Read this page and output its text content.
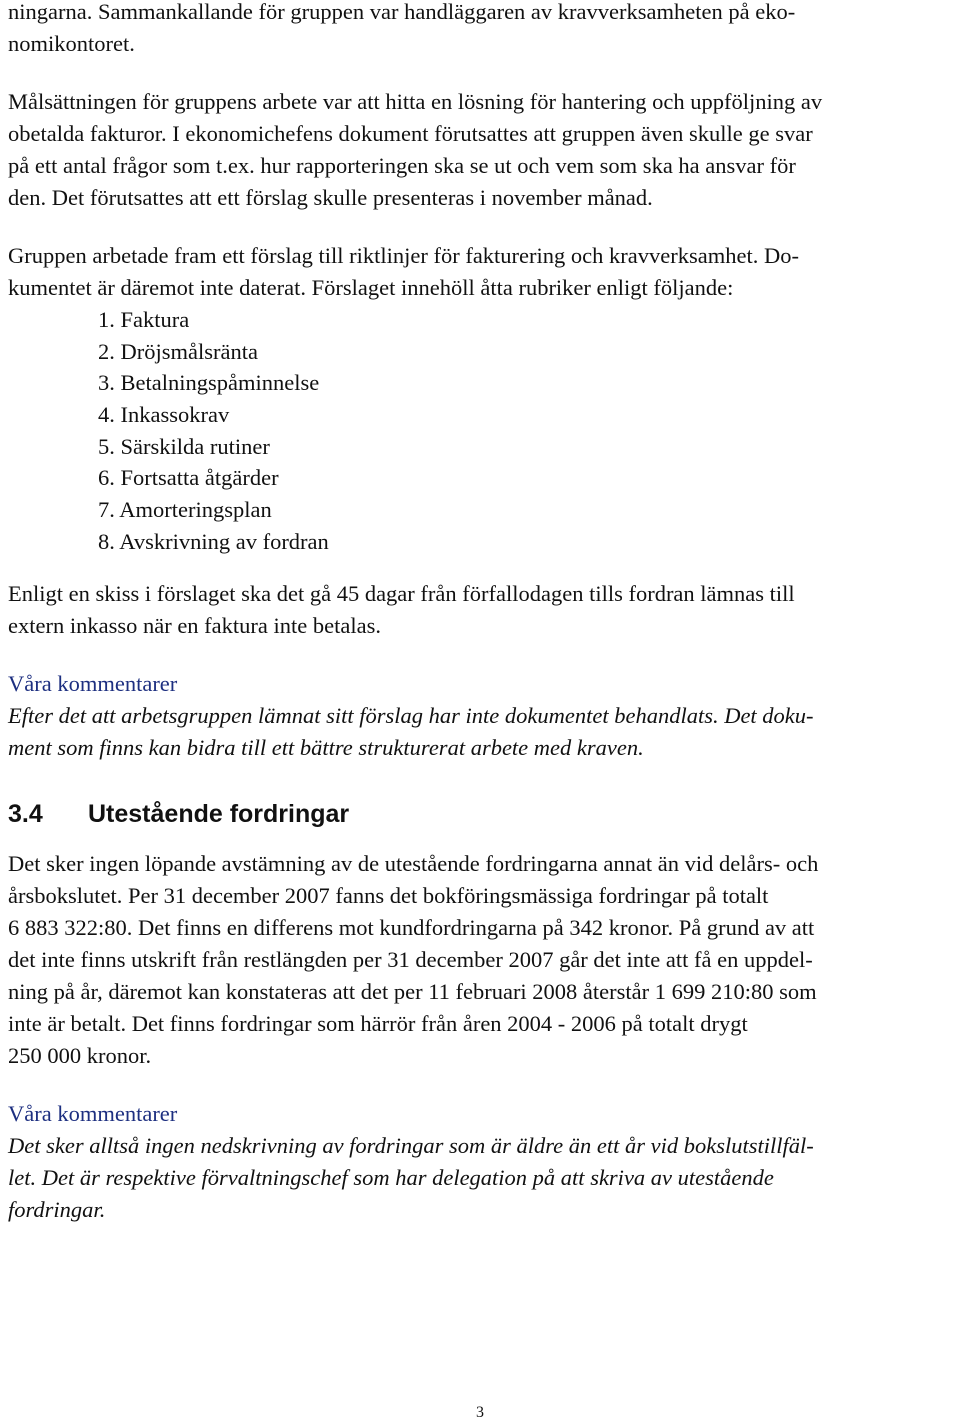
ningarna. Sammankallande för gruppen var handläggaren av kravverksamheten på eko-
nomikontoret.
Målsättningen för gruppens arbete var att hitta en lösning för hantering och uppföljning av
obetalda fakturor. I ekonomichefens dokument förutsattes att gruppen även skulle ge svar
på ett antal frågor som t.ex. hur rapporteringen ska se ut och vem som ska ha ansvar för
den. Det förutsattes att ett förslag skulle presenteras i november månad.
Gruppen arbetade fram ett förslag till riktlinjer för fakturering och kravverksamhet. Do-
kumentet är däremot inte daterat. Förslaget innehöll åtta rubriker enligt följande:
1. Faktura
2. Dröjsmålsränta
3. Betalningspåminnelse
4. Inkassokrav
5. Särskilda rutiner
6. Fortsatta åtgärder
7. Amorteringsplan
8. Avskrivning av fordran
Enligt en skiss i förslaget ska det gå 45 dagar från förfallodagen tills fordran lämnas till
extern inkasso när en faktura inte betalas.
Våra kommentarer
Efter det att arbetsgruppen lämnat sitt förslag har inte dokumentet behandlats. Det doku-
ment som finns kan bidra till ett bättre strukturerat arbete med kraven.
3.4 Utestående fordringar
Det sker ingen löpande avstämning av de utestående fordringarna annat än vid delårs- och
årsbokslutet. Per 31 december 2007 fanns det bokföringsmässiga fordringar på totalt
6 883 322:80. Det finns en differens mot kundfordringarna på 342 kronor. På grund av att
det inte finns utskrift från restlängden per 31 december 2007 går det inte att få en uppdel-
ning på år, däremot kan konstateras att det per 11 februari 2008 återstår 1 699 210:80 som
inte är betalt. Det finns fordringar som härrör från åren 2004 - 2006 på totalt drygt
250 000 kronor.
Våra kommentarer
Det sker alltså ingen nedskrivning av fordringar som är äldre än ett år vid bokslutstillfäl-
let. Det är respektive förvaltningschef som har delegation på att skriva av utestående
fordringar.
3
